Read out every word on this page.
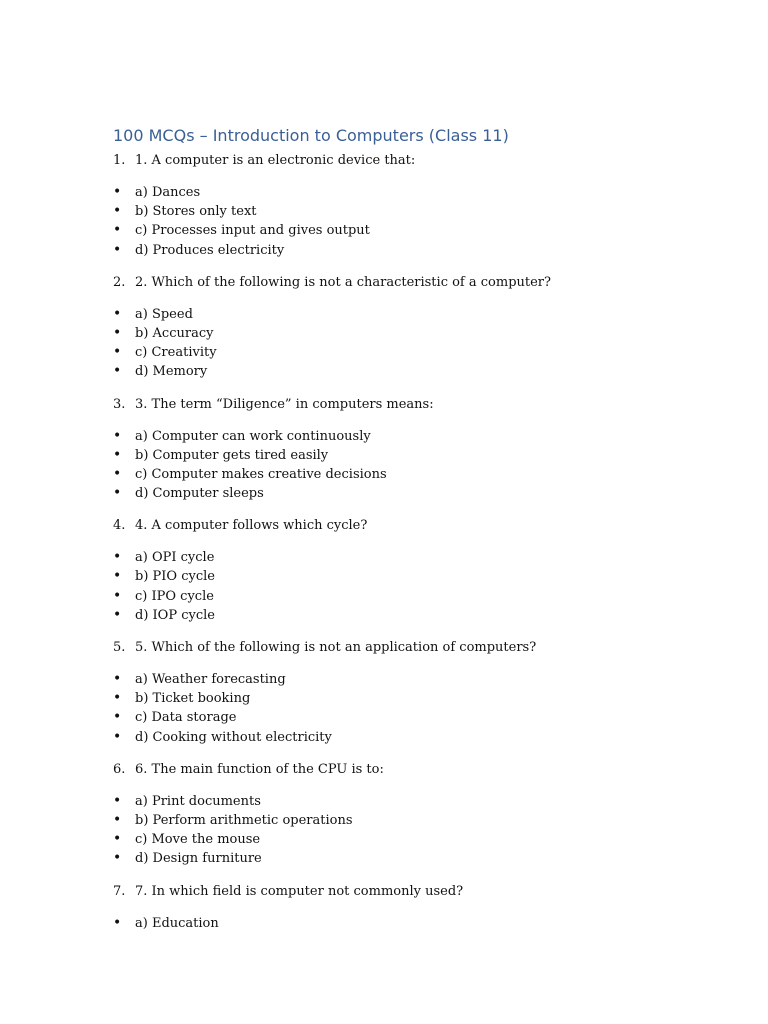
100 MCQs – Introduction to Computers (Class 11)
1. 1. A computer is an electronic device that:
• a) Dances
• b) Stores only text
• c) Processes input and gives output
• d) Produces electricity
2. 2. Which of the following is not a characteristic of a computer?
• a) Speed
• b) Accuracy
• c) Creativity
• d) Memory
3. 3. The term “Diligence” in computers means:
• a) Computer can work continuously
• b) Computer gets tired easily
• c) Computer makes creative decisions
• d) Computer sleeps
4. 4. A computer follows which cycle?
• a) OPI cycle
• b) PIO cycle
• c) IPO cycle
• d) IOP cycle
5. 5. Which of the following is not an application of computers?
• a) Weather forecasting
• b) Ticket booking
• c) Data storage
• d) Cooking without electricity
6. 6. The main function of the CPU is to:
• a) Print documents
• b) Perform arithmetic operations
• c) Move the mouse
• d) Design furniture
7. 7. In which field is computer not commonly used?
• a) Education
